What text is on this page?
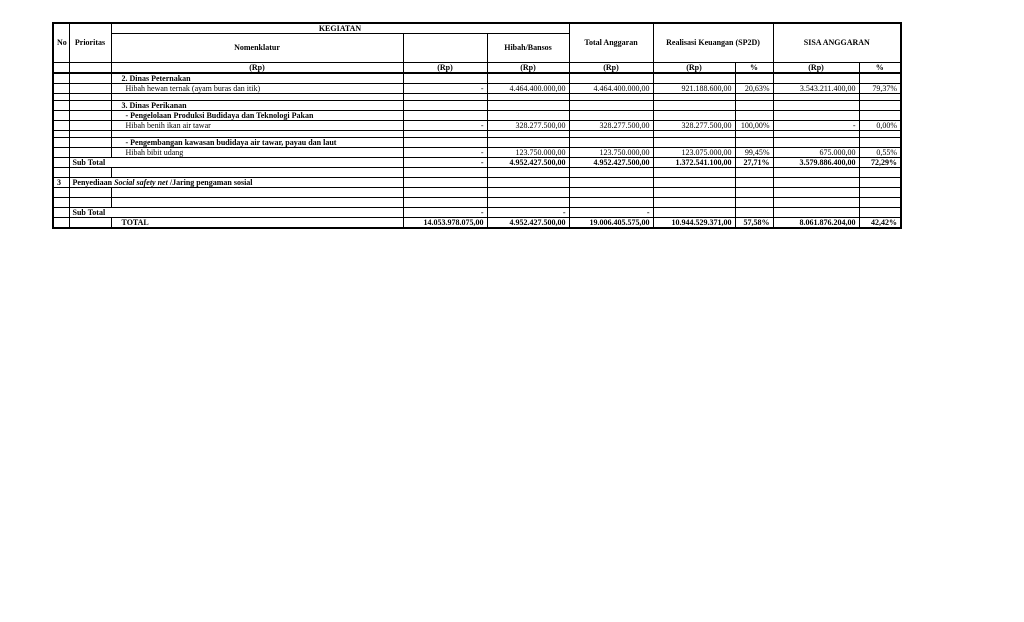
No	Prioritas	KEGIATAN			Total Anggaran	Realisasi Keuangan (SP2D)		SISA ANGGARAN	
		Nomenklatur		Hibah/Bansos					
		(Rp)	(Rp)	(Rp)	(Rp)	(Rp)	%	(Rp)	%
		2. Dinas Peternakan							
		Hibah hewan ternak (ayam buras dan itik)	-	4.464.400.000,00	4.464.400.000,00	921.188.600,00	20,63%	3.543.211.400,00	79,37%

		3. Dinas Perikanan							
		- Pengelolaan Produksi Budidaya dan Teknologi Pakan							
		Hibah benih ikan air tawar	-	328.277.500,00	328.277.500,00	328.277.500,00	100,00%	-	0,00%

		- Pengembangan kawasan budidaya air tawar, payau dan laut							
		Hibah bibit udang	-	123.750.000,00	123.750.000,00	123.075.000,00	99,45%	675.000,00	0,55%
	Sub Total		-	4.952.427.500,00	4.952.427.500,00	1.372.541.100,00	27,71%	3.579.886.400,00	72,29%

3	Penyediaan Social safety net /Jaring pengaman sosial								

	Sub Total		-	-	-				
		TOTAL	14.053.978.075,00	4.952.427.500,00	19.006.405.575,00	10.944.529.371,00	57,58%	8.061.876.204,00	42,42%
